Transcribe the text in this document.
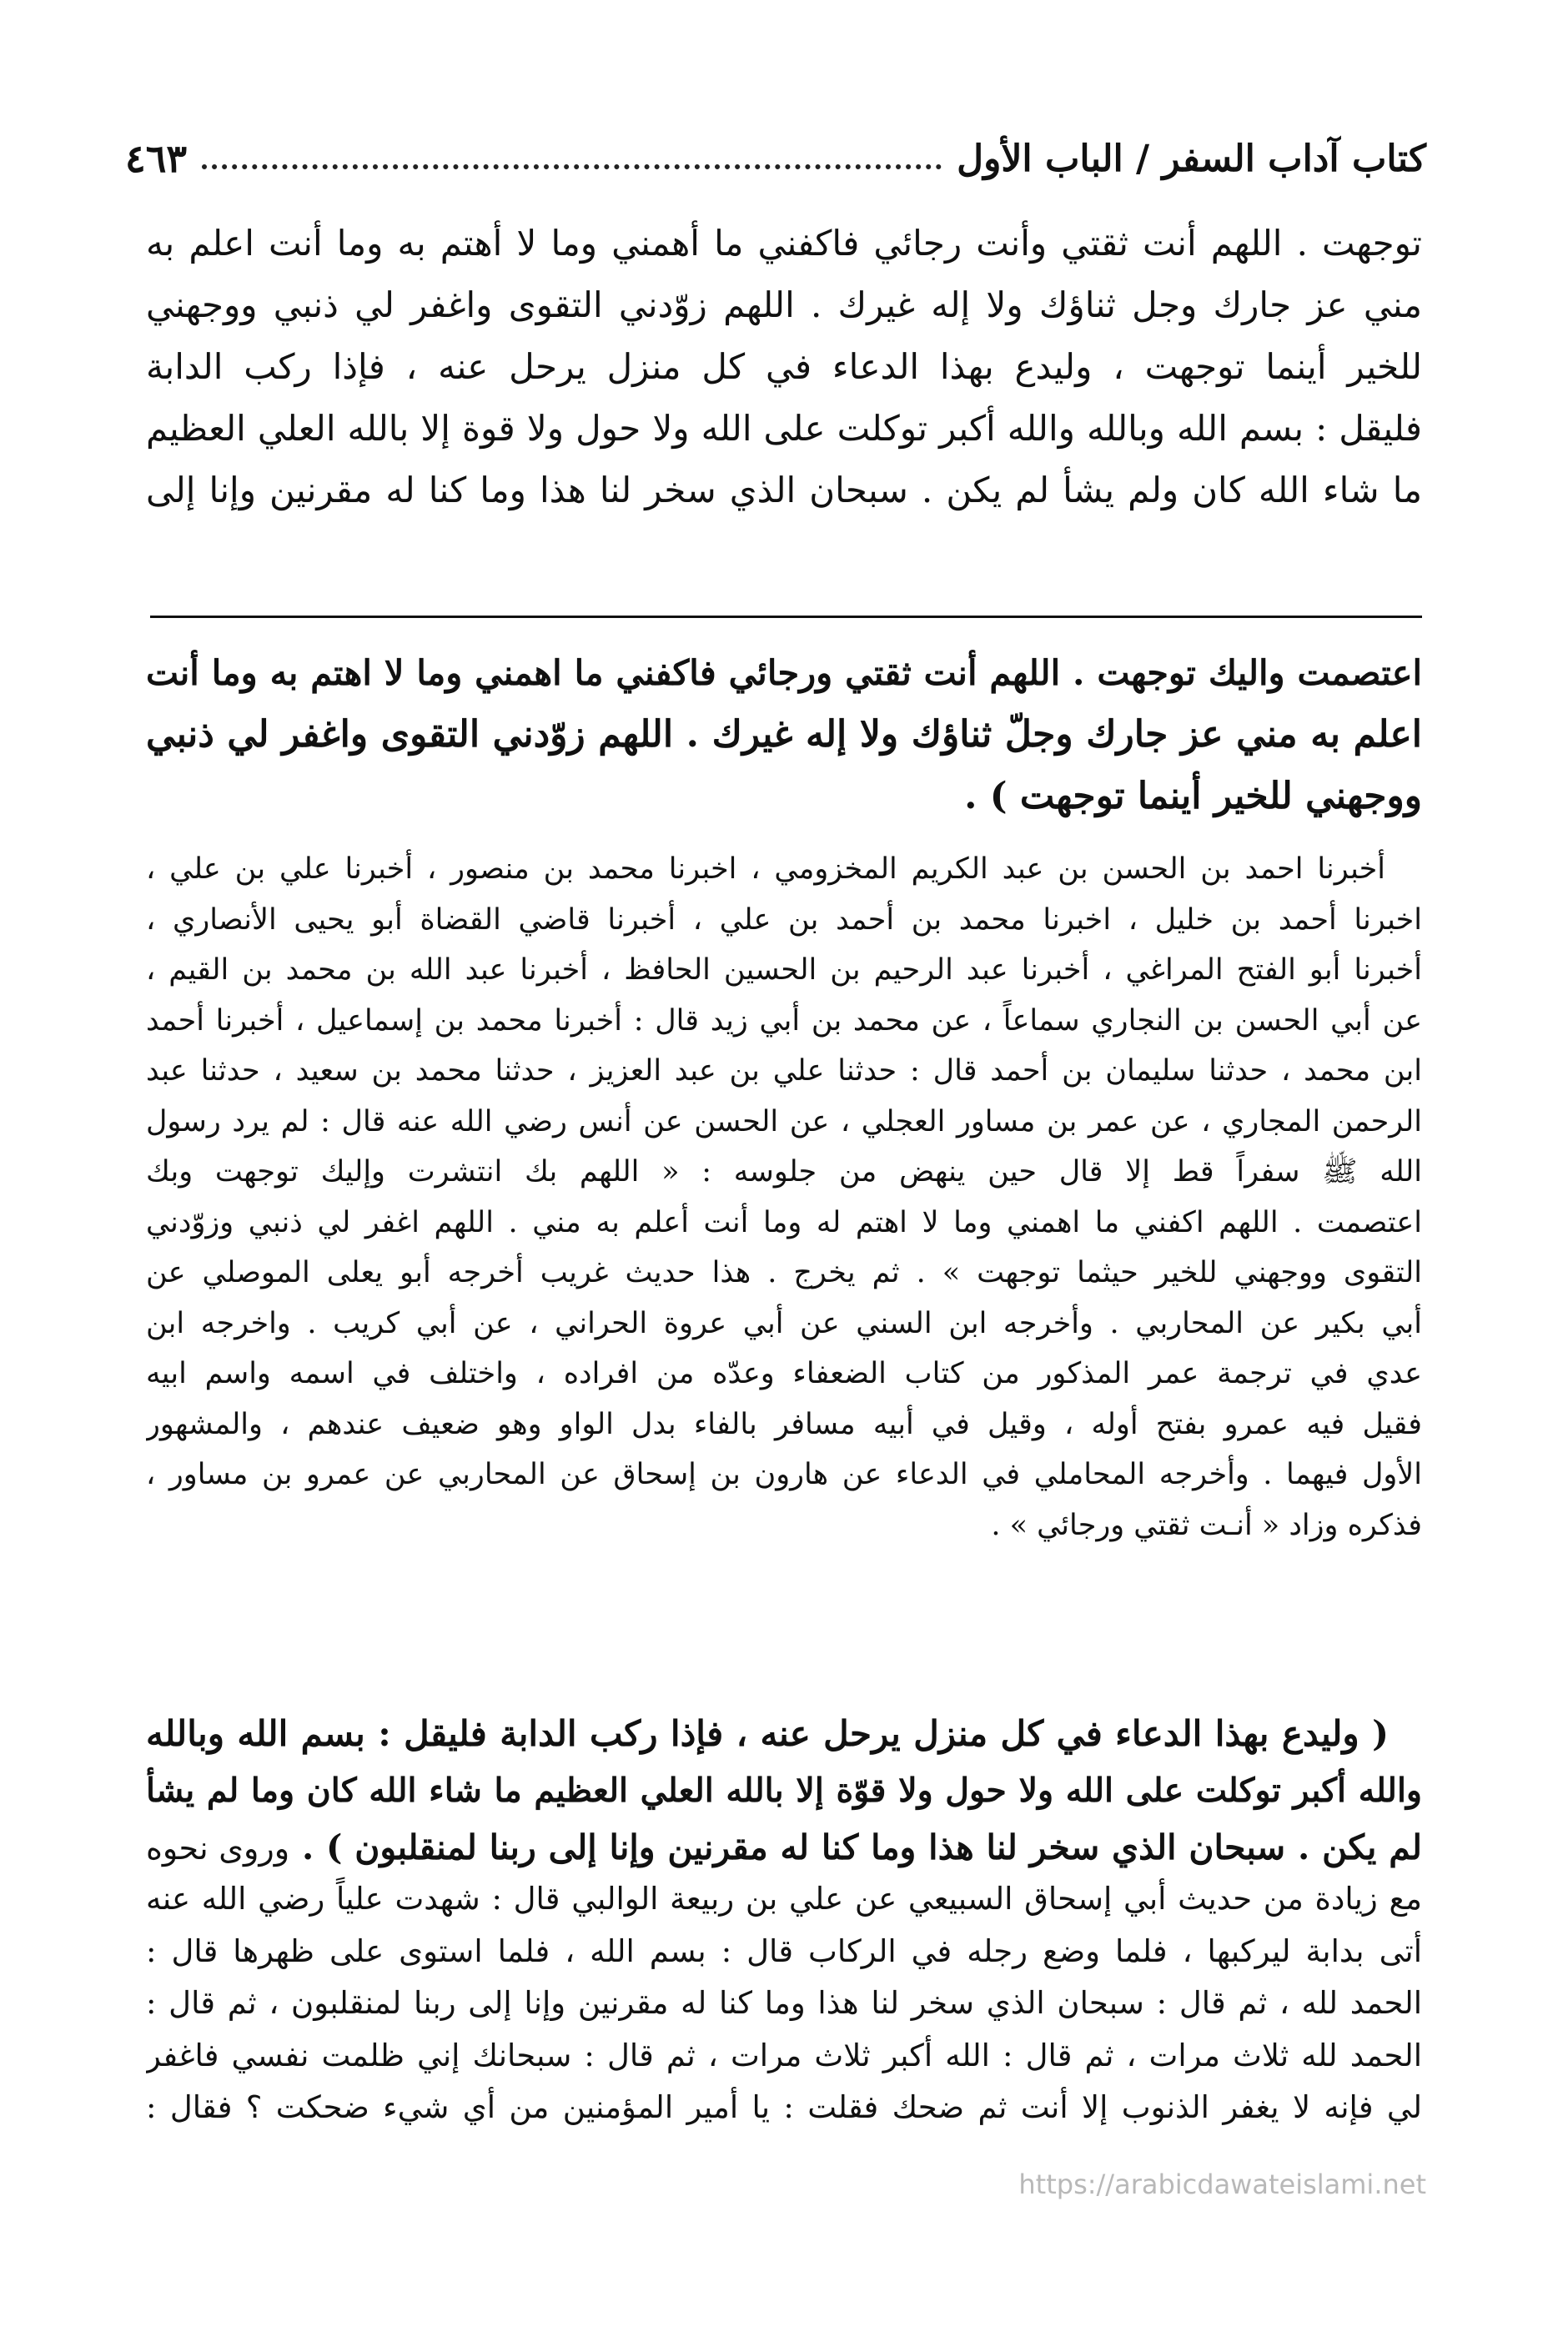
كتاب آداب السفر / الباب الأول
٤٦٣
توجهت . اللهم أنت ثقتي وأنت رجائي فاكفني ما أهمني وما لا أهتم به وما أنت اعلم به
مني عز جارك وجل ثناؤك ولا إله غيرك . اللهم زوّدني التقوى واغفر لي ذنبي ووجهني
للخير أينما توجهت ، وليدع بهذا الدعاء في كل منزل يرحل عنه ، فإذا ركب الدابة
فليقل : بسم الله وبالله والله أكبر توكلت على الله ولا حول ولا قوة إلا بالله العلي العظيم
ما شاء الله كان ولم يشأ لم يكن . سبحان الذي سخر لنا هذا وما كنا له مقرنين وإنا إلى
اعتصمت واليك توجهت . اللهم أنت ثقتي ورجائي فاكفني ما اهمني وما لا اهتم به وما أنت
اعلم به مني عز جارك وجلّ ثناؤك ولا إله غيرك . اللهم زوّدني التقوى واغفر لي ذنبي
ووجهني للخير أينما توجهت ) .
أخبرنا احمد بن الحسن بن عبد الكريم المخزومي ، اخبرنا محمد بن منصور ، أخبرنا علي بن علي ،
اخبرنا أحمد بن خليل ، اخبرنا محمد بن أحمد بن علي ، أخبرنا قاضي القضاة أبو يحيى الأنصاري ،
أخبرنا أبو الفتح المراغي ، أخبرنا عبد الرحيم بن الحسين الحافظ ، أخبرنا عبد الله بن محمد بن القيم ،
عن أبي الحسن بن النجاري سماعاً ، عن محمد بن أبي زيد قال : أخبرنا محمد بن إسماعيل ، أخبرنا أحمد
ابن محمد ، حدثنا سليمان بن أحمد قال : حدثنا علي بن عبد العزيز ، حدثنا محمد بن سعيد ، حدثنا عبد
الرحمن المجاري ، عن عمر بن مساور العجلي ، عن الحسن عن أنس رضي الله عنه قال : لم يرد رسول
الله ﷺ سفراً قط إلا قال حين ينهض من جلوسه : « اللهم بك انتشرت وإليك توجهت وبك
اعتصمت . اللهم اكفني ما اهمني وما لا اهتم له وما أنت أعلم به مني . اللهم اغفر لي ذنبي وزوّدني
التقوى ووجهني للخير حيثما توجهت » . ثم يخرج . هذا حديث غريب أخرجه أبو يعلى الموصلي عن
أبي بكير عن المحاربي . وأخرجه ابن السني عن أبي عروة الحراني ، عن أبي كريب . واخرجه ابن
عدي في ترجمة عمر المذكور من كتاب الضعفاء وعدّه من افراده ، واختلف في اسمه واسم ابيه
فقيل فيه عمرو بفتح أوله ، وقيل في أبيه مسافر بالفاء بدل الواو وهو ضعيف عندهم ، والمشهور
الأول فيهما . وأخرجه المحاملي في الدعاء عن هارون بن إسحاق عن المحاربي عن عمرو بن مساور ،
فذكره وزاد « أنـت ثقتي ورجائي » .
( وليدع بهذا الدعاء في كل منزل يرحل عنه ، فإذا ركب الدابة فليقل : بسم الله وبالله
والله أكبر توكلت على الله ولا حول ولا قوّة إلا بالله العلي العظيم ما شاء الله كان وما لم يشأ
لم يكن . سبحان الذي سخر لنا هذا وما كنا له مقرنين وإنا إلى ربنا لمنقلبون ) . وروى نحوه
مع زيادة من حديث أبي إسحاق السبيعي عن علي بن ربيعة الوالبي قال : شهدت علياً رضي الله عنه
أتى بدابة ليركبها ، فلما وضع رجله في الركاب قال : بسم الله ، فلما استوى على ظهرها قال :
الحمد لله ، ثم قال : سبحان الذي سخر لنا هذا وما كنا له مقرنين وإنا إلى ربنا لمنقلبون ، ثم قال :
الحمد لله ثلاث مرات ، ثم قال : الله أكبر ثلاث مرات ، ثم قال : سبحانك إني ظلمت نفسي فاغفر
لي فإنه لا يغفر الذنوب إلا أنت ثم ضحك فقلت : يا أمير المؤمنين من أي شيء ضحكت ؟ فقال :
https://arabicdawateislami.net
